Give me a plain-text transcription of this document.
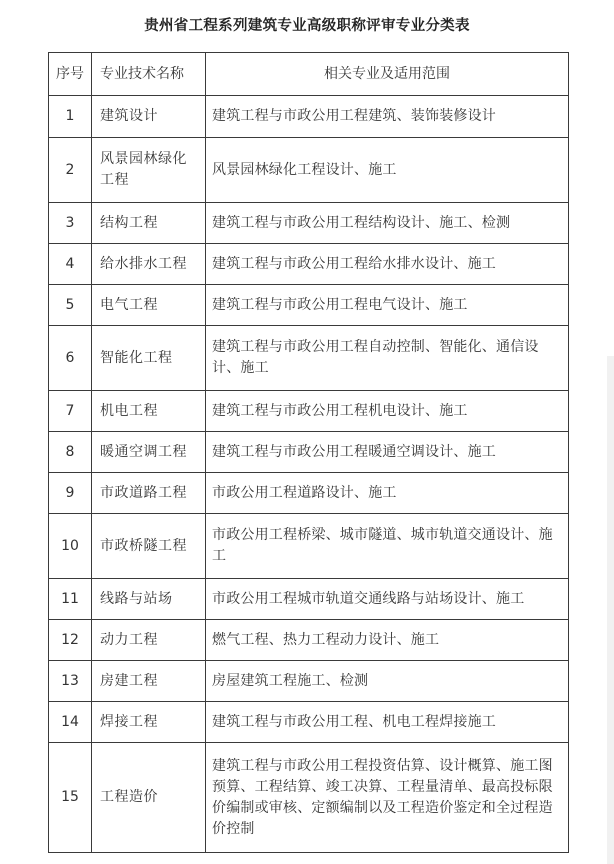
贵州省工程系列建筑专业高级职称评审专业分类表
序号	专业技术名称	相关专业及适用范围
1	建筑设计	建筑工程与市政公用工程建筑、装饰装修设计
2	风景园林绿化工程	风景园林绿化工程设计、施工
3	结构工程	建筑工程与市政公用工程结构设计、施工、检测
4	给水排水工程	建筑工程与市政公用工程给水排水设计、施工
5	电气工程	建筑工程与市政公用工程电气设计、施工
6	智能化工程	建筑工程与市政公用工程自动控制、智能化、通信设计、施工
7	机电工程	建筑工程与市政公用工程机电设计、施工
8	暖通空调工程	建筑工程与市政公用工程暖通空调设计、施工
9	市政道路工程	市政公用工程道路设计、施工
10	市政桥隧工程	市政公用工程桥梁、城市隧道、城市轨道交通设计、施工
11	线路与站场	市政公用工程城市轨道交通线路与站场设计、施工
12	动力工程	燃气工程、热力工程动力设计、施工
13	房建工程	房屋建筑工程施工、检测
14	焊接工程	建筑工程与市政公用工程、机电工程焊接施工
15	工程造价	建筑工程与市政公用工程投资估算、设计概算、施工图预算、工程结算、竣工决算、工程量清单、最高投标限价编制或审核、定额编制以及工程造价鉴定和全过程造价控制
